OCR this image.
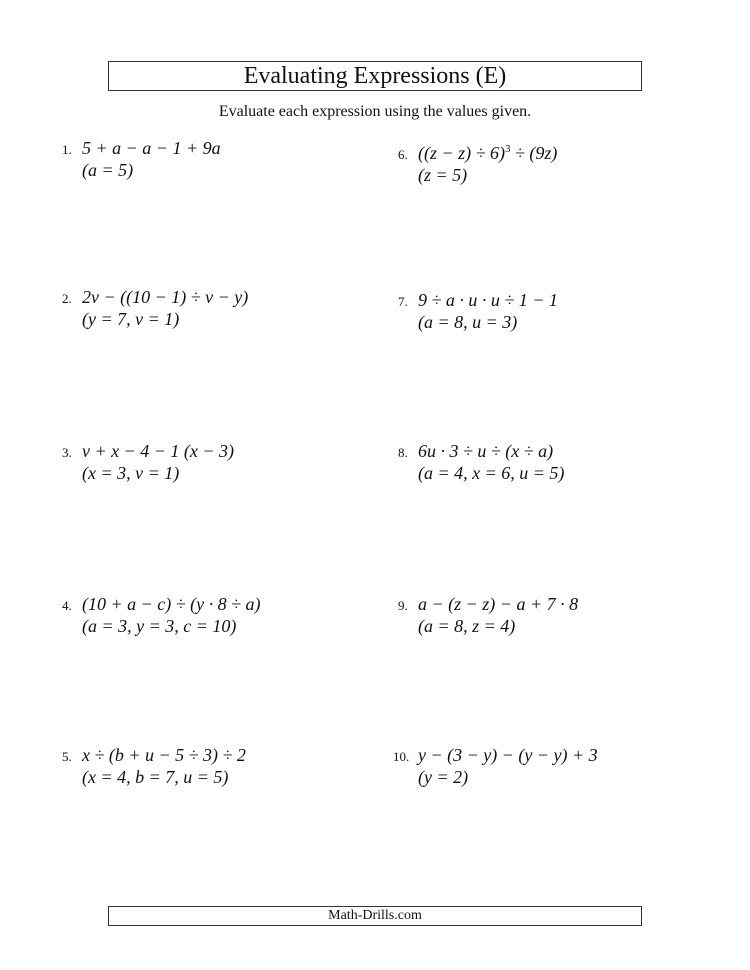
Evaluating Expressions (E)
Evaluate each expression using the values given.
1. 5 + a − a − 1 + 9a
(a = 5)
2. 2v − ((10 − 1) ÷ v − y)
(y = 7, v = 1)
3. v + x − 4 − 1 (x − 3)
(x = 3, v = 1)
4. (10 + a − c) ÷ (y · 8 ÷ a)
(a = 3, y = 3, c = 10)
5. x ÷ (b + u − 5 ÷ 3) ÷ 2
(x = 4, b = 7, u = 5)
6. $((z - z) \div 6)^3 \div (9z)$
(z = 5)
7. 9 ÷ a · u · u ÷ 1 − 1
(a = 8, u = 3)
8. 6u · 3 ÷ u ÷ (x ÷ a)
(a = 4, x = 6, u = 5)
9. a − (z − z) − a + 7 · 8
(a = 8, z = 4)
10. y − (3 − y) − (y − y) + 3
(y = 2)
Math-Drills.com
